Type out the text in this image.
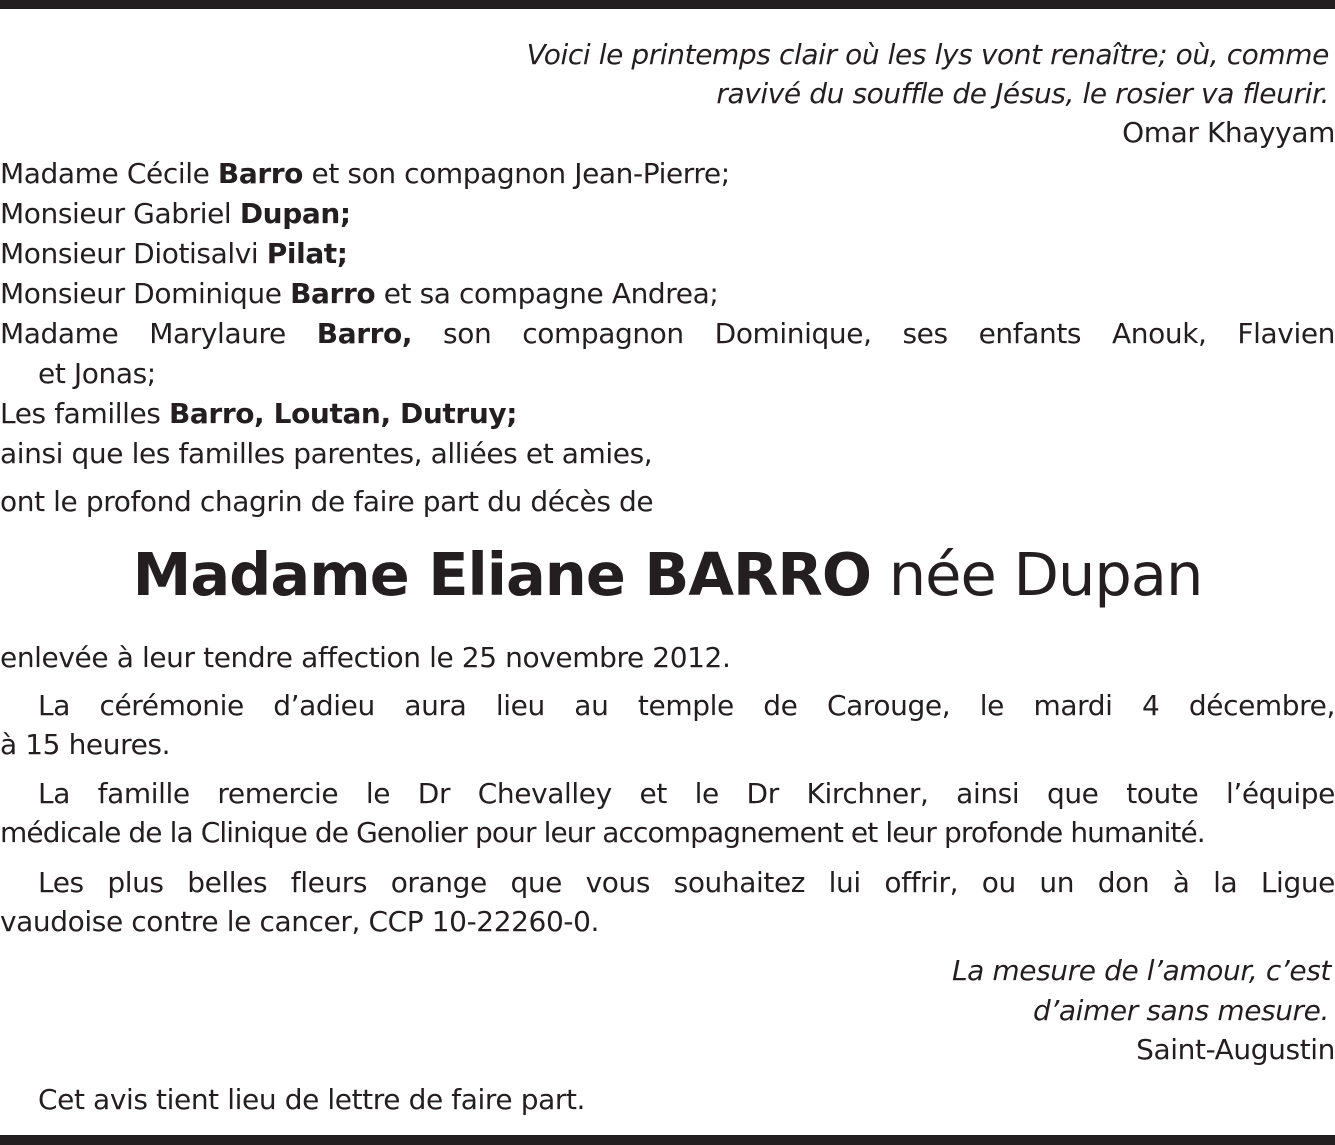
Voici le printemps clair où les lys vont renaître; où, comme
ravivé du souffle de Jésus, le rosier va fleurir.
Omar Khayyam
Madame Cécile Barro et son compagnon Jean-Pierre;
Monsieur Gabriel Dupan;
Monsieur Diotisalvi Pilat;
Monsieur Dominique Barro et sa compagne Andrea;
Madame Marylaure Barro, son compagnon Dominique, ses enfants Anouk, Flavien
et Jonas;
Les familles Barro, Loutan, Dutruy;
ainsi que les familles parentes, alliées et amies,
ont le profond chagrin de faire part du décès de
Madame Eliane BARRO née Dupan
enlevée à leur tendre affection le 25 novembre 2012.
La cérémonie d’adieu aura lieu au temple de Carouge, le mardi 4 décembre,
à 15 heures.
La famille remercie le Dr Chevalley et le Dr Kirchner, ainsi que toute l’équipe
médicale de la Clinique de Genolier pour leur accompagnement et leur profonde humanité.
Les plus belles fleurs orange que vous souhaitez lui offrir, ou un don à la Ligue
vaudoise contre le cancer, CCP 10-22260-0.
La mesure de l’amour, c’est
d’aimer sans mesure.
Saint-Augustin
Cet avis tient lieu de lettre de faire part.
